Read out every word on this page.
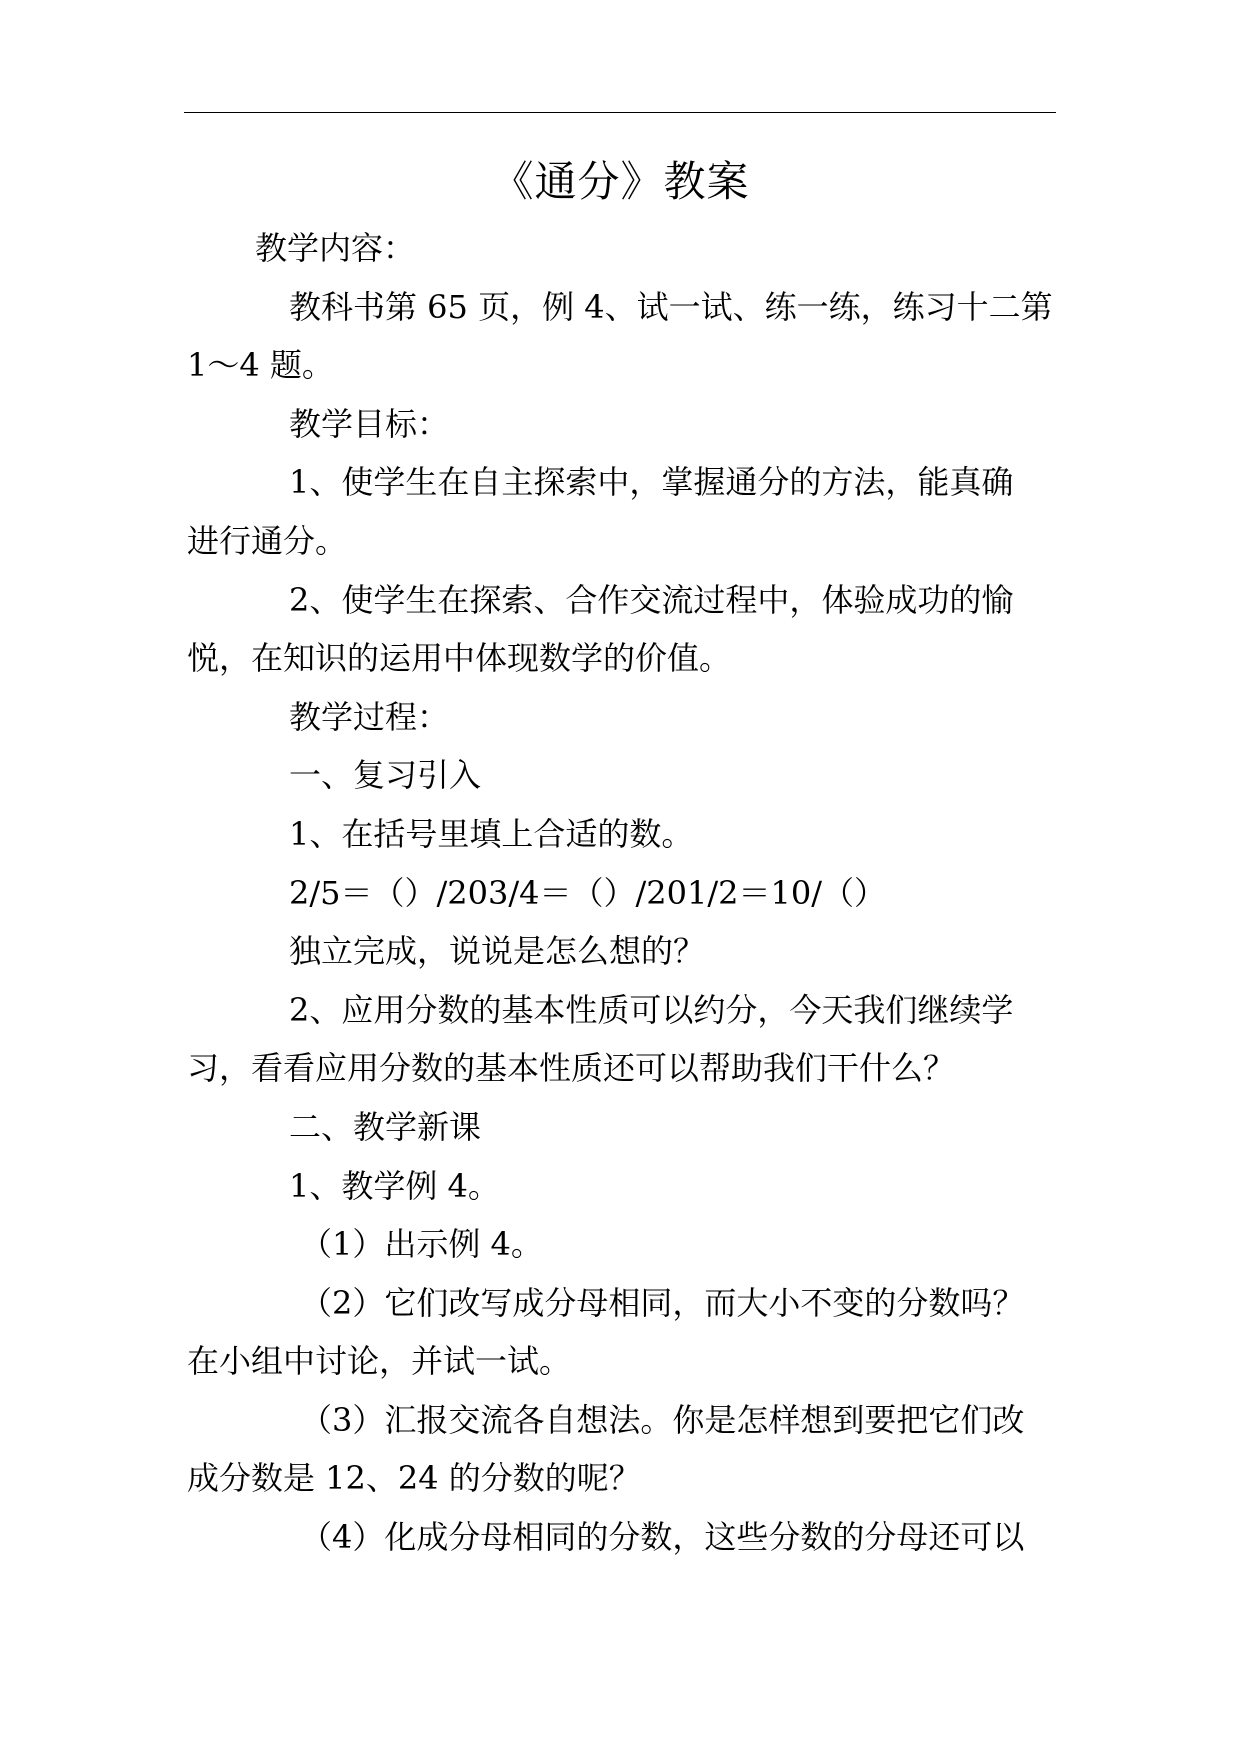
《通分》教案

教学内容：

教科书第 65 页，例 4、试一试、练一练，练习十二第
1～4 题。

教学目标：

1、使学生在自主探索中，掌握通分的方法，能真确
进行通分。

2、使学生在探索、合作交流过程中，体验成功的愉
悦，在知识的运用中体现数学的价值。

教学过程：

一、复习引入

1、在括号里填上合适的数。

2/5＝（）/203/4＝（）/201/2＝10/（）

独立完成，说说是怎么想的？

2、应用分数的基本性质可以约分，今天我们继续学
习，看看应用分数的基本性质还可以帮助我们干什么？

二、教学新课

1、教学例 4。

（1）出示例 4。

（2）它们改写成分母相同，而大小不变的分数吗？
在小组中讨论，并试一试。

（3）汇报交流各自想法。你是怎样想到要把它们改
成分数是 12、24 的分数的呢？

（4）化成分母相同的分数，这些分数的分母还可以
